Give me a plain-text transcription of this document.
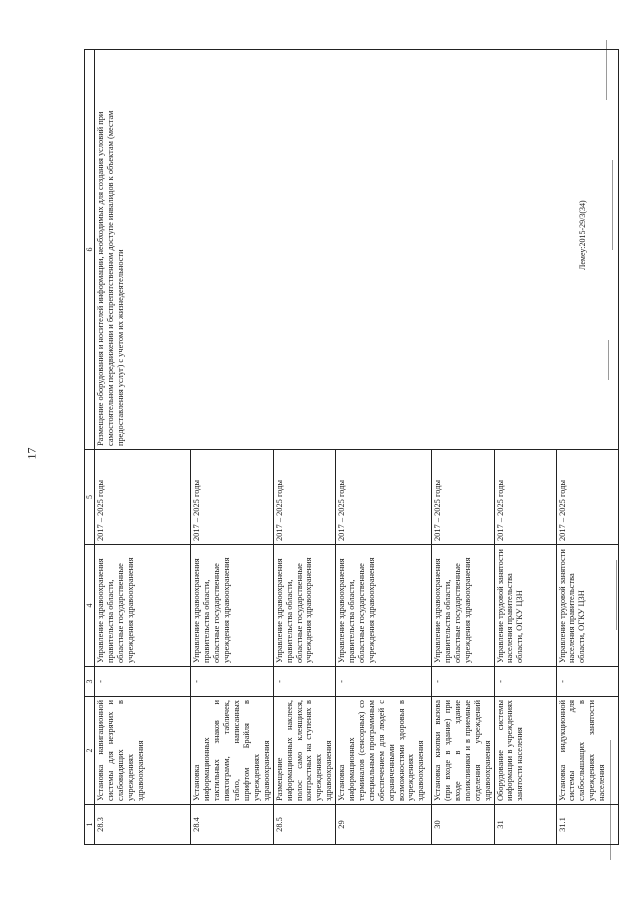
17
Лемеу:2015-29/3(34)
1	2	3	4	5	6
28.3	Установка навигационной системы для незрячих и слабовидящих в учреждениях здравоохранения	-	Управление здравоохранения правительства области, областные государственные учреждения здравоохранения	2017 – 2025 годы	Размещение оборудования и носителей информации, необходимых для создания условий при самостоятельном передвижении и беспрепятственном доступе инвалидов к объектам (местам предоставления услуг) с учетом их жизнедеятельности
28.4	Установка информационных тактильных знаков и пиктограмм, табличек, табло, написанных шрифтом Брайля в учреждениях здравоохранения	-	Управление здравоохранения правительства области, областные государственные учреждения здравоохранения	2017 – 2025 годы	
28.5	Размещение информационных наклеек, полос само клеящихся, контрастных на ступенях в учреждениях здравоохранения	-	Управление здравоохранения правительства области, областные государственные учреждения здравоохранения	2017 – 2025 годы	
29	Установка информационных терминалов (сенсорных) со специальным программным обеспечением для людей с ограниченными возможностями здоровья в учреждениях здравоохранения	-	Управление здравоохранения правительства области, областные государственные учреждения здравоохранения	2017 – 2025 годы	
30	Установка кнопки вызова (при входе в здание) при входе в здание поликлиники и в приемные отделения учреждений здравоохранения	-	Управление здравоохранения правительства области, областные государственные учреждения здравоохранения	2017 – 2025 годы	
31	Оборудование системы информации в учреждениях занятости населения	-	Управление трудовой занятости населения правительства области, ОГКУ ЦЗН	2017 – 2025 годы	
31.1	Установка индукционной системы для слабослышащих в учреждениях занятости населения	-	Управление трудовой занятости населения правительства области, ОГКУ ЦЗН	2017 – 2025 годы	
